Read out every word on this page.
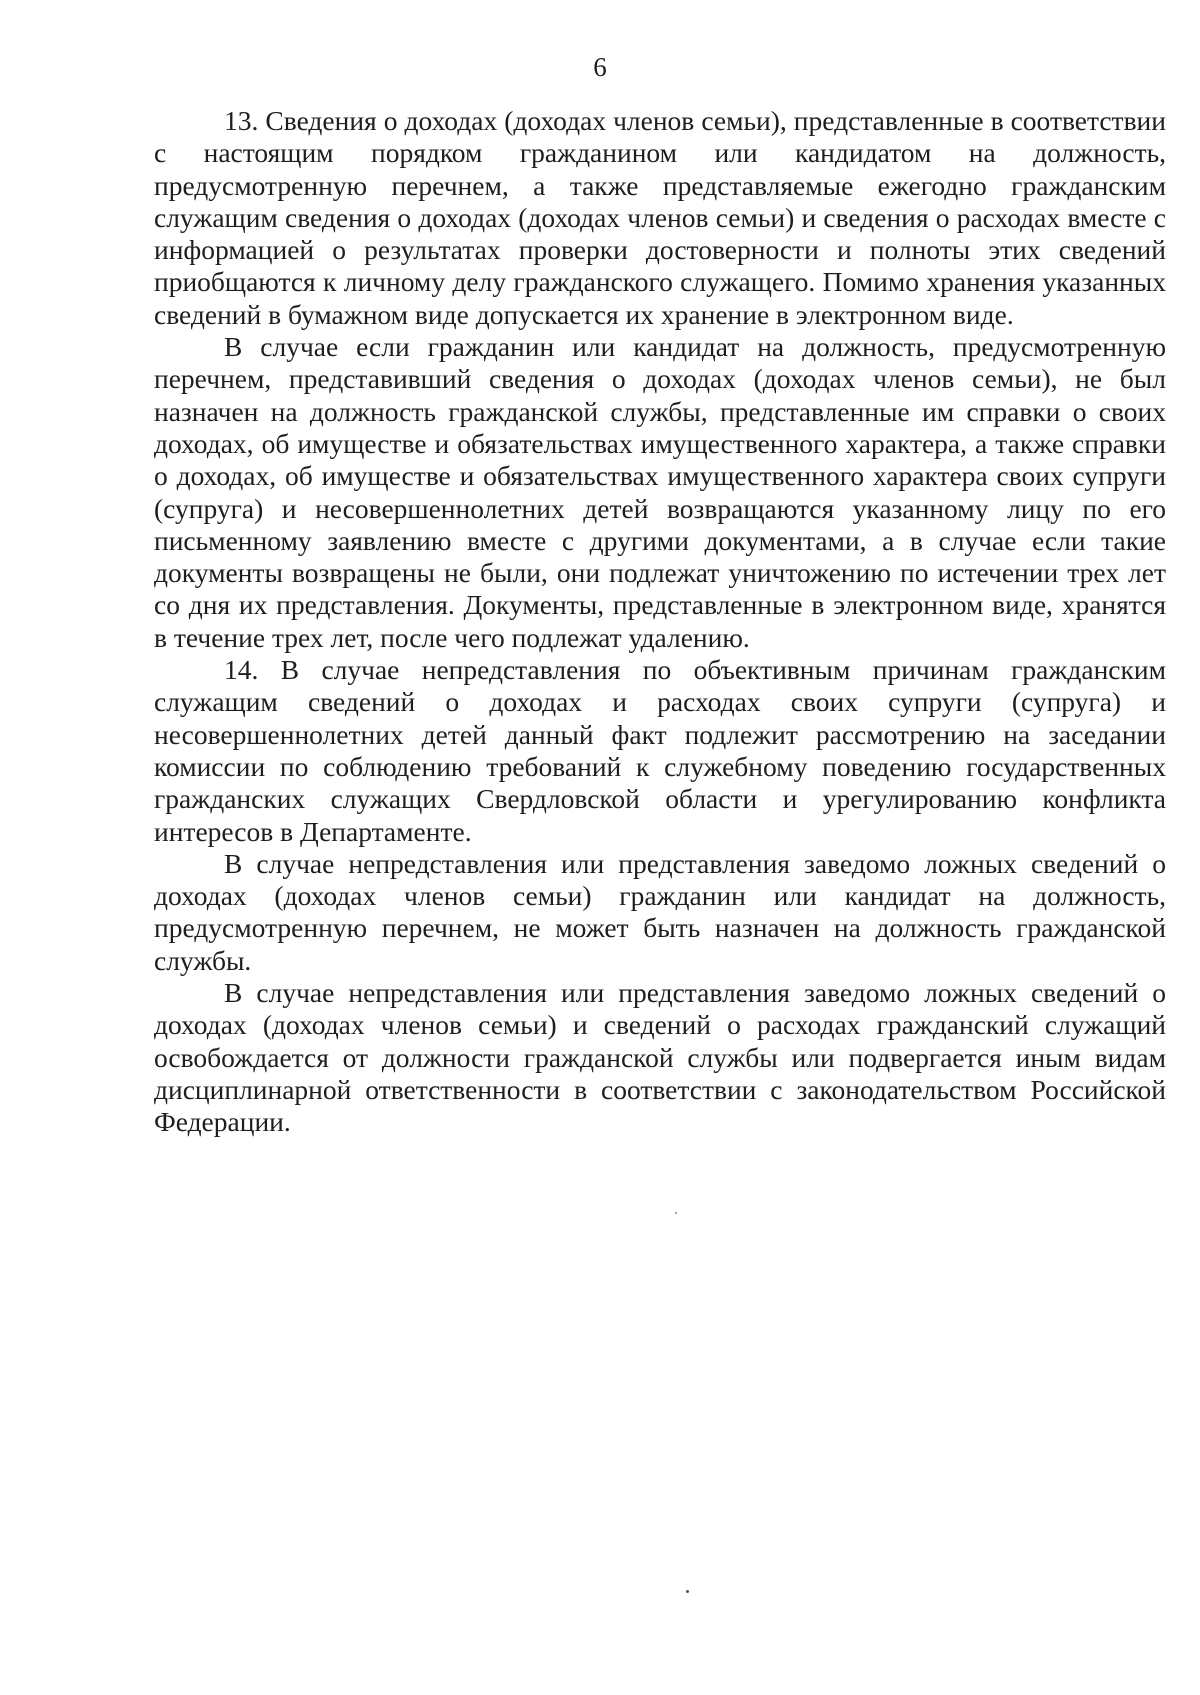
6

13. Сведения о доходах (доходах членов семьи), представленные в соответствии с настоящим порядком гражданином или кандидатом на должность, предусмотренную перечнем, а также представляемые ежегодно гражданским служащим сведения о доходах (доходах членов семьи) и сведения о расходах вместе с информацией о результатах проверки достоверности и полноты этих сведений приобщаются к личному делу гражданского служащего. Помимо хранения указанных сведений в бумажном виде допускается их хранение в электронном виде.

В случае если гражданин или кандидат на должность, предусмотренную перечнем, представивший сведения о доходах (доходах членов семьи), не был назначен на должность гражданской службы, представленные им справки о своих доходах, об имуществе и обязательствах имущественного характера, а также справки о доходах, об имуществе и обязательствах имущественного характера своих супруги (супруга) и несовершеннолетних детей возвращаются указанному лицу по его письменному заявлению вместе с другими документами, а в случае если такие документы возвращены не были, они подлежат уничтожению по истечении трех лет со дня их представления. Документы, представленные в электронном виде, хранятся в течение трех лет, после чего подлежат удалению.

14. В случае непредставления по объективным причинам гражданским служащим сведений о доходах и расходах своих супруги (супруга) и несовершеннолетних детей данный факт подлежит рассмотрению на заседании комиссии по соблюдению требований к служебному поведению государственных гражданских служащих Свердловской области и урегулированию конфликта интересов в Департаменте.

В случае непредставления или представления заведомо ложных сведений о доходах (доходах членов семьи) гражданин или кандидат на должность, предусмотренную перечнем, не может быть назначен на должность гражданской службы.

В случае непредставления или представления заведомо ложных сведений о доходах (доходах членов семьи) и сведений о расходах гражданский служащий освобождается от должности гражданской службы или подвергается иным видам дисциплинарной ответственности в соответствии с законодательством Российской Федерации.
